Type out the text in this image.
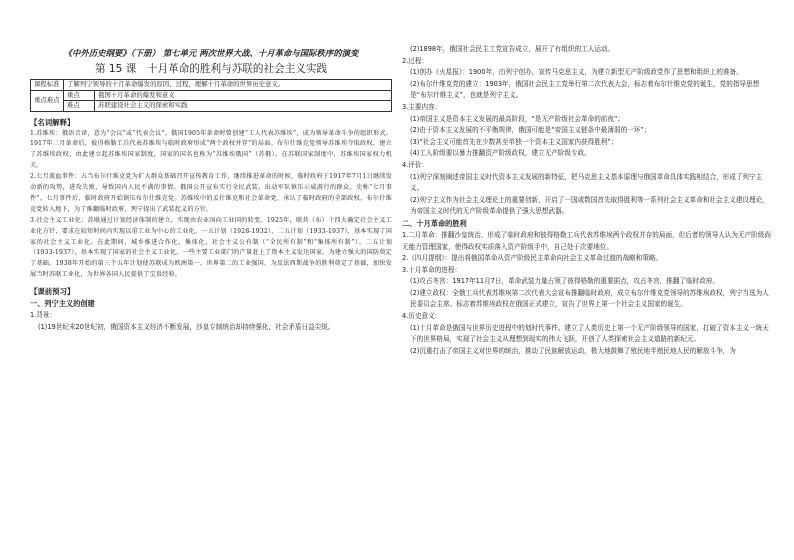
《中外历史纲要》（下册） 第七单元 两次世界大战、十月革命与国际秩序的演变
第 15 课　十月革命的胜利与苏联的社会主义实践
课程标准	了解列宁领导的十月革命爆发的原因、过程，理解十月革命的世界历史意义。	
重点难点	重点	俄国十月革命的爆发和意义
	难点	苏联建设社会主义的探索和实践
【名词解释】

1.苏维埃：俄语音译，意为“会议”或“代表会议”。俄国1905年革命时曾创建“工人代表苏维埃”，成为领导革命斗争的组织形式。1917年二月革命后，彼得格勒工兵代表苏维埃与临时政府形成“两个政权并存”的局面。布尔什维克党领导苏维埃夺取政权，建立了苏维埃政权，由此建立起苏维埃国家制度，国家的国名也称为“苏维埃俄国”（苏俄）。在苏联国家制度中，苏维埃国家权力机关。

2.七月流血事件：五当布尔什维克党为扩大群众基础召开宣传教育工作，继续推进革命的时候，临时政府于1917年7月1日继续发动新的攻势，进攻失败，导致国内人民不满的事情。俄国公开宣布实行全民武装，出动军队镇压示威游行的群众。史称“七月事件”。七月事件后，临时政府开始镇压布尔什维克党。苏维埃中的孟什维克和社会革命党，承认了临时政府的全部政权，布尔什维克党转入地下，为了推翻临时政府，列宁提出了武装起义的方针。

3.社会主义工业化：苏联通过计划经济体制的建立，实现由农业国向工业国的转变。1925年，联共（布）十四大确定社会主义工业化方针，要求在较短时间内实现以重工业为中心的工业化，一五计划（1928-1932）、二五计划（1933-1937），基本实现了国家的社会主义工业化。在此期间，城乡推进合作化、集体化，社会主义公有制（“全民所有制”和“集体所有制”）。二五计划（1933-1937），基本实现了国家的社会主义工业化，一些主要工业部门的产量赶上了资本主义发达国家，为建立强大的国防奠定了基础。1938年开始的第三个五年计划使苏联成为欧洲第一、世界第二的工业强国，为反法西斯战争的胜利奠定了基础，加快发展当时苏联工业化，为世界各国人民提供了宝贵经验。

【课前预习】
一、列宁主义的创建
1.背景：
(1)19世纪末20世纪初，俄国资本主义经济不断发展，沙皇专制统治却持续强化，社会矛盾日益尖锐。
(2)1898年，俄国社会民主工党宣告成立，展开了有组织的工人运动。
2.过程：
(1)创办《火星报》：1900年，由列宁创办，宣传马克思主义，为建立新型无产阶级政党作了思想和组织上的准备。
(2)布尔什维克党的建立：1903年，俄国社会民主工党举行第二次代表大会，标志着布尔什维克党的诞生，党的指导思想是“布尔什维主义”，也就是列宁主义。
3.主要内容：
(1)帝国主义是资本主义发展的最高阶段，“是无产阶级社会革命的前夜”；
(2)由于资本主义发展的不平衡规律，俄国可能是“帝国主义链条中最薄弱的一环”；
(3)“社会主义可能首先在少数甚至单独一个资本主义国家内获得胜利”；
(4)工人阶级要以暴力推翻资产阶级政权，建立无产阶级专政。
4.评价：
(1)列宁深刻阐述帝国主义时代资本主义发展的新特征，把马克思主义基本原理与俄国革命具体实践相结合，形成了列宁主义。
(2)列宁主义作为社会主义理论上的重要创新，开启了一国或数国首先取得胜利等一系列社会主义革命和社会主义建设理论，为帝国主义时代的无产阶级革命提供了强大思想武器。
二、十月革命的胜利
1.二月革命：推翻沙皇统治，形成了临时政府和彼得格勒工兵代表苏维埃两个政权并存的局面，但后者的领导人认为无产阶级尚无能力管理国家，使得政权实质落入资产阶级手中，自己处于次要地位。
2.《四月提纲》：提出将俄国革命从资产阶级民主革命向社会主义革命过渡的战略和策略。
3.十月革命的进程：
(1)攻占冬宫：1917年11月7日，革命武装力量占领了彼得格勒的重要据点，攻占冬宫，推翻了临时政府。
(2)建立政权：全俄工兵代表苏维埃第二次代表大会宣布推翻临时政府，成立布尔什维克党领导的苏维埃政权，列宁当选为人民委员会主席。标志着苏维埃政权在俄国正式建立，宣告了世界上第一个社会主义国家的诞生。
4.历史意义：
(1)十月革命是俄国与世界历史进程中的划时代事件。建立了人类历史上第一个无产阶级领导的国家，打破了资本主义一统天下的世界格局，实现了社会主义从理想到现实的伟大飞跃，开创了人类探索社会主义道路的新纪元。
(2)沉重打击了帝国主义对世界的统治，推动了民族解放运动，极大地鼓舞了殖民地半殖民地人民的解放斗争，为
